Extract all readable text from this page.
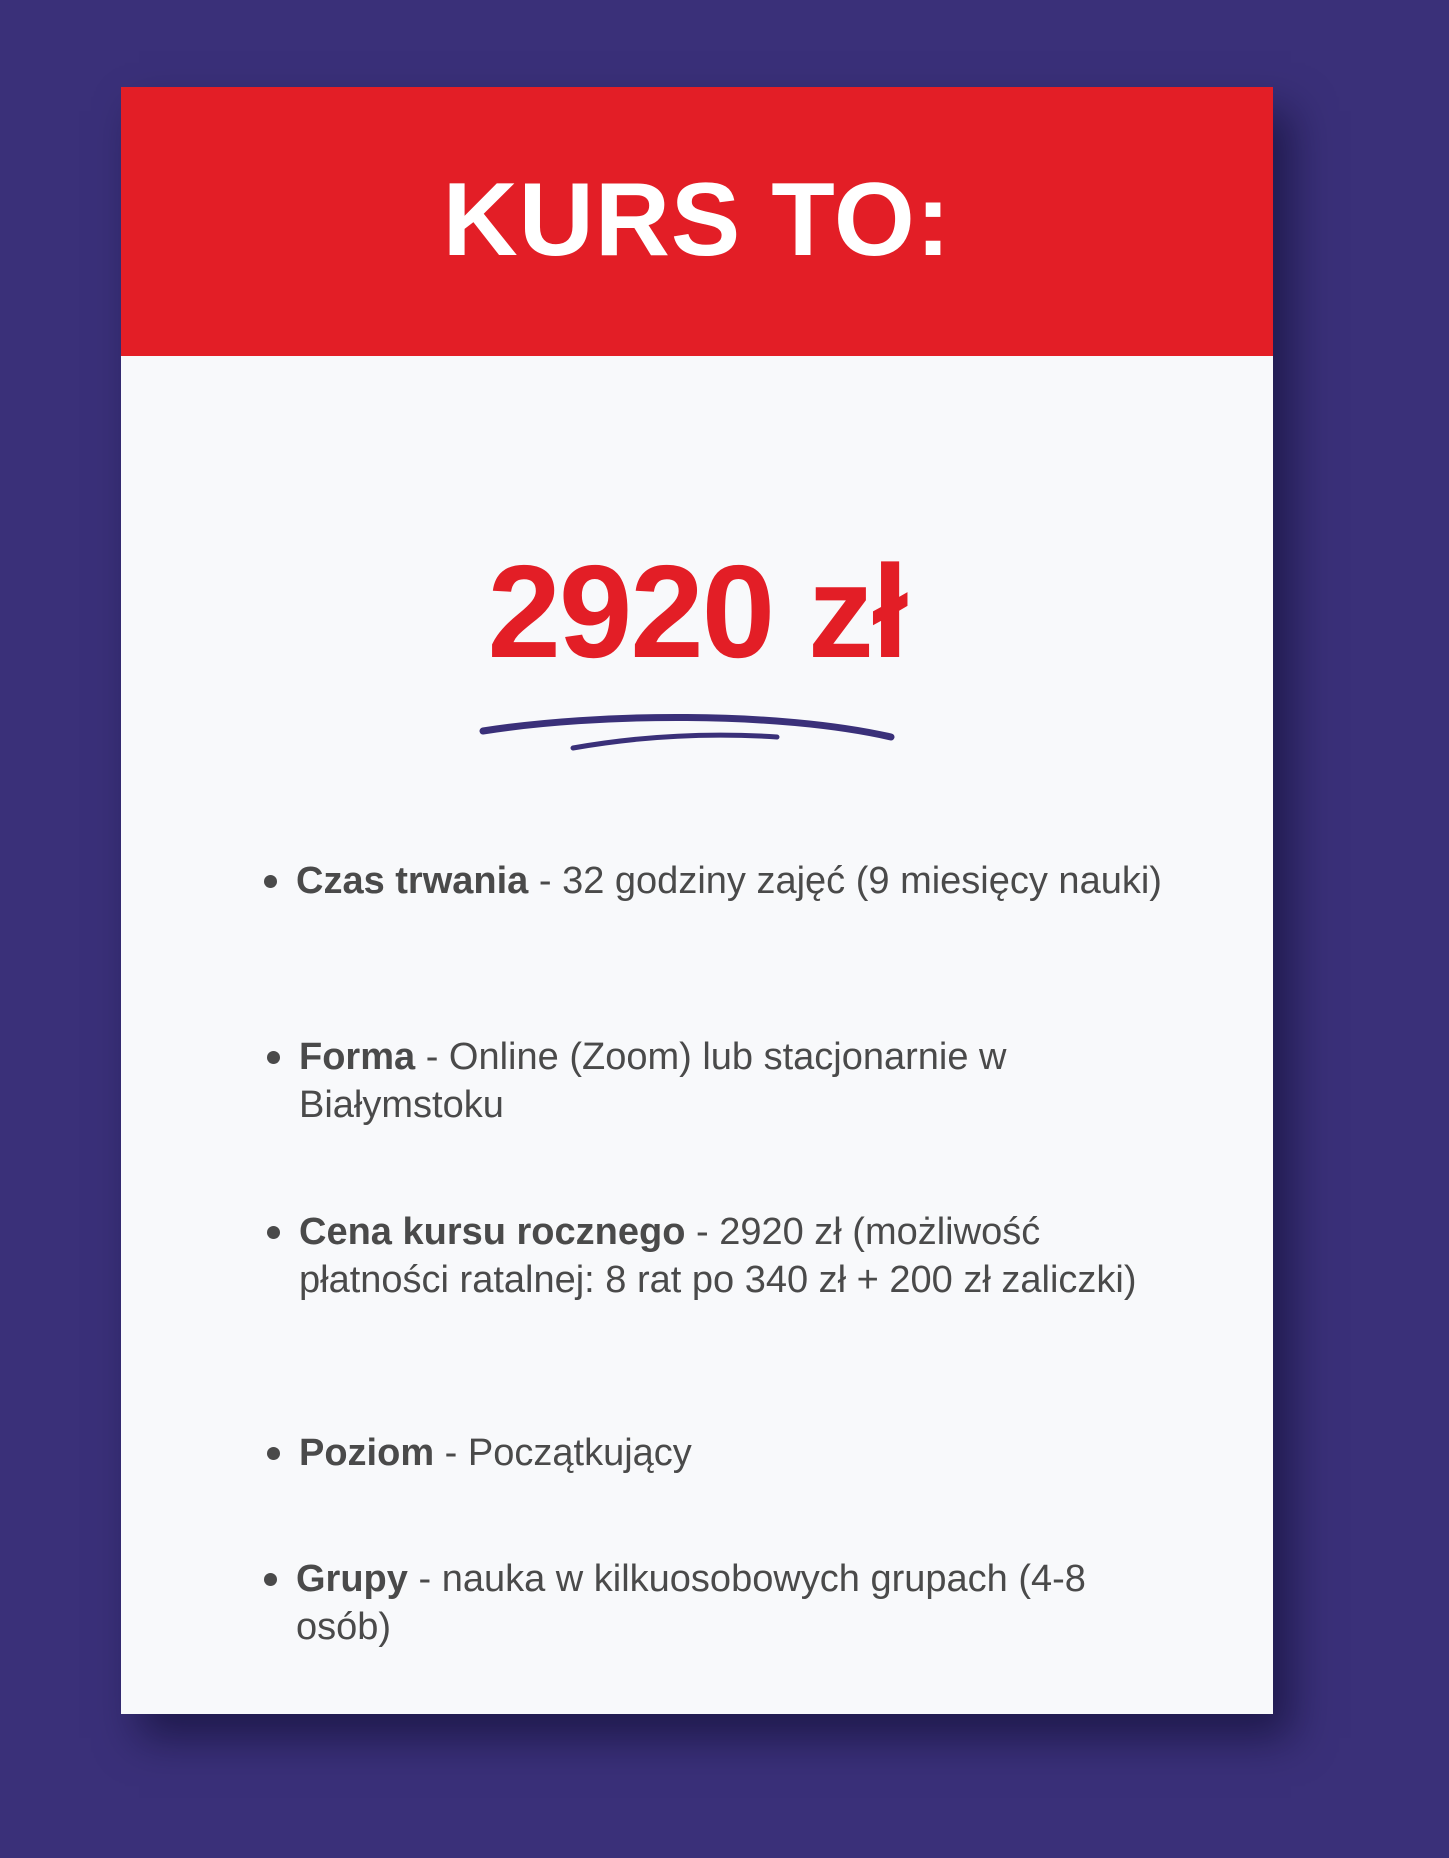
KURS TO:
2920 zł
Czas trwania - 32 godziny zajęć (9 miesięcy nauki)
Forma - Online (Zoom) lub stacjonarnie w Białymstoku
Cena kursu rocznego - 2920 zł (możliwość płatności ratalnej: 8 rat po 340 zł + 200 zł zaliczki)
Poziom - Początkujący
Grupy - nauka w kilkuosobowych grupach (4-8 osób)
